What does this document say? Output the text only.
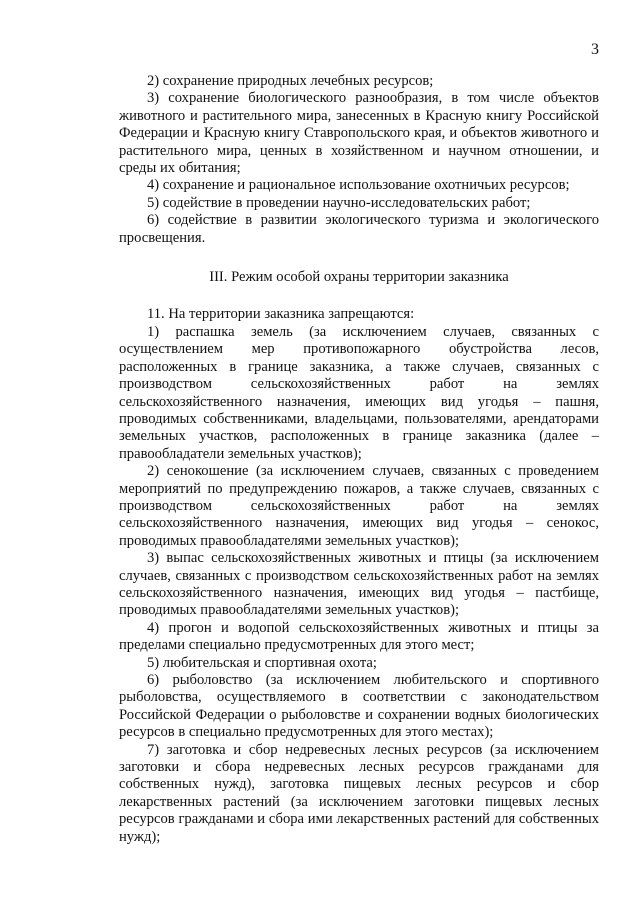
3

2) сохранение природных лечебных ресурсов;

3) сохранение биологического разнообразия, в том числе объектов животного и растительного мира, занесенных в Красную книгу Российской Федерации и Красную книгу Ставропольского края, и объектов животного и растительного мира, ценных в хозяйственном и научном отношении, и среды их обитания;

4) сохранение и рациональное использование охотничьих ресурсов;

5) содействие в проведении научно-исследовательских работ;

6) содействие в развитии экологического туризма и экологического просвещения.

III. Режим особой охраны территории заказника

11. На территории заказника запрещаются:

1) распашка земель (за исключением случаев, связанных с осуществлением мер противопожарного обустройства лесов, расположенных в границе заказника, а также случаев, связанных с производством сельскохозяйственных работ на землях сельскохозяйственного назначения, имеющих вид угодья – пашня, проводимых собственниками, владельцами, пользователями, арендаторами земельных участков, расположенных в границе заказника (далее – правообладатели земельных участков);

2) сенокошение (за исключением случаев, связанных с проведением мероприятий по предупреждению пожаров, а также случаев, связанных с производством сельскохозяйственных работ на землях сельскохозяйственного назначения, имеющих вид угодья – сенокос, проводимых правообладателями земельных участков);

3) выпас сельскохозяйственных животных и птицы (за исключением случаев, связанных с производством сельскохозяйственных работ на землях сельскохозяйственного назначения, имеющих вид угодья – пастбище, проводимых правообладателями земельных участков);

4) прогон и водопой сельскохозяйственных животных и птицы за пределами специально предусмотренных для этого мест;

5) любительская и спортивная охота;

6) рыболовство (за исключением любительского и спортивного рыболовства, осуществляемого в соответствии с законодательством Российской Федерации о рыболовстве и сохранении водных биологических ресурсов в специально предусмотренных для этого местах);

7) заготовка и сбор недревесных лесных ресурсов (за исключением заготовки и сбора недревесных лесных ресурсов гражданами для собственных нужд), заготовка пищевых лесных ресурсов и сбор лекарственных растений (за исключением заготовки пищевых лесных ресурсов гражданами и сбора ими лекарственных растений для собственных нужд);
